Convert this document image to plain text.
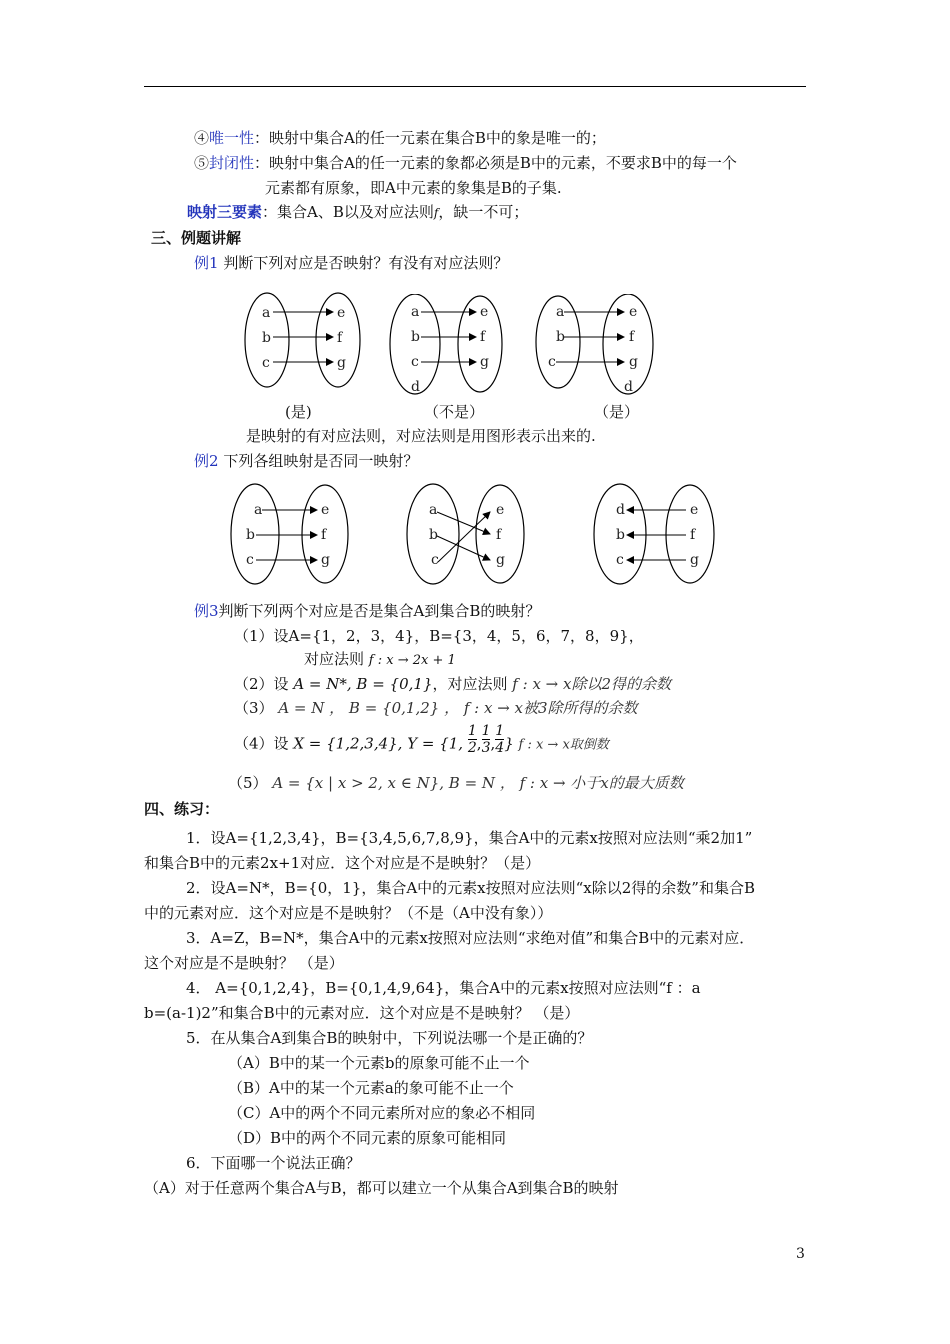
④唯一性：映射中集合A的任一元素在集合B中的象是唯一的；
⑤封闭性：映射中集合A的任一元素的象都必须是B中的元素，不要求B中的每一个
元素都有原象，即A中元素的象集是B的子集.
映射三要素：集合A、B以及对应法则f，缺一不可；
三、例题讲解
例1 判断下列对应是否映射？有没有对应法则？
a
b
c
e
f
g
(是)
a
b
c
d
e
f
g
（不是）
a
b
c
e
f
g
d
（是）
是映射的有对应法则，对应法则是用图形表示出来的.
例2 下列各组映射是否同一映射？
a
b
c
e
f
g
a
b
c
e
f
g
d
b
c
e
f
g
例3判断下列两个对应是否是集合A到集合B的映射？
（1）设A={1，2，3，4}，B={3，4，5，6，7，8，9}，
对应法则 f : x → 2x + 1
（2）设 A = N*, B = {0,1}，对应法则 f : x → x除以2得的余数
（3） A = N ， B = {0,1,2} ， f : x → x被3除所得的余数
（4）设 X = {1,2,3,4}, Y = {1, $\frac{1}{2}$ , $\frac{1}{3}$ , $\frac{1}{4}$ } f : x → x取倒数
（5） A = {x | x > 2, x ∈ N}, B = N ， f : x → 小于x的最大质数
四、练习：
1．设A={1,2,3,4}，B={3,4,5,6,7,8,9}，集合A中的元素x按照对应法则“乘2加1”
和集合B中的元素2x+1对应．这个对应是不是映射？（是）
2．设A=N*，B={0，1}，集合A中的元素x按照对应法则“x除以2得的余数”和集合B
中的元素对应．这个对应是不是映射？（不是（A中没有象））
3．A=Z，B=N*，集合A中的元素x按照对应法则“求绝对值”和集合B中的元素对应．
这个对应是不是映射？ （是）
4． A={0,1,2,4}，B={0,1,4,9,64}，集合A中的元素x按照对应法则“f ：a
b=(a-1)2”和集合B中的元素对应．这个对应是不是映射？ （是）
5．在从集合A到集合B的映射中，下列说法哪一个是正确的？
（A）B中的某一个元素b的原象可能不止一个
（B）A中的某一个元素a的象可能不止一个
（C）A中的两个不同元素所对应的象必不相同
（D）B中的两个不同元素的原象可能相同
6．下面哪一个说法正确？
（A）对于任意两个集合A与B，都可以建立一个从集合A到集合B的映射
3
